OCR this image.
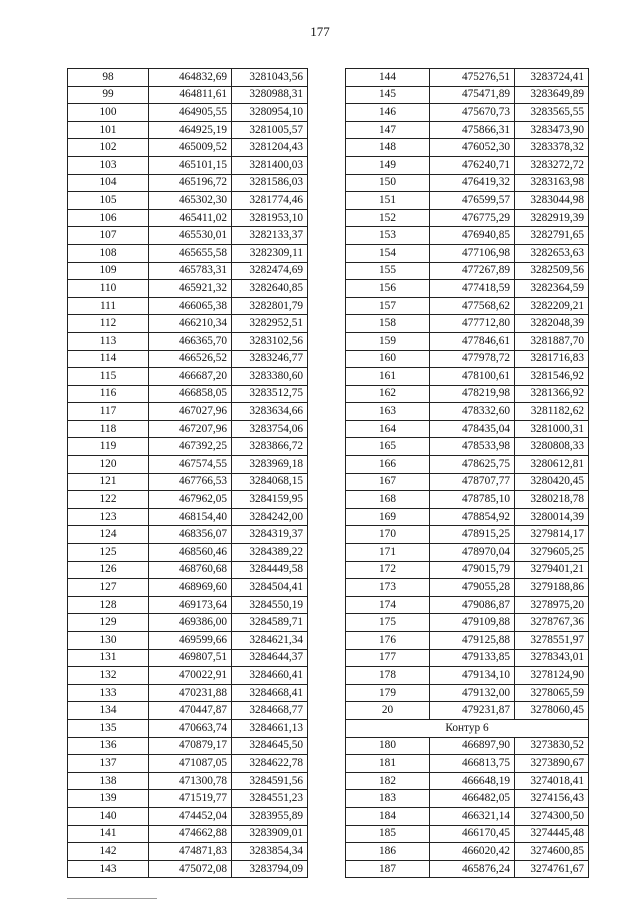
177
98	464832,69	3281043,56
99	464811,61	3280988,31
100	464905,55	3280954,10
101	464925,19	3281005,57
102	465009,52	3281204,43
103	465101,15	3281400,03
104	465196,72	3281586,03
105	465302,30	3281774,46
106	465411,02	3281953,10
107	465530,01	3282133,37
108	465655,58	3282309,11
109	465783,31	3282474,69
110	465921,32	3282640,85
111	466065,38	3282801,79
112	466210,34	3282952,51
113	466365,70	3283102,56
114	466526,52	3283246,77
115	466687,20	3283380,60
116	466858,05	3283512,75
117	467027,96	3283634,66
118	467207,96	3283754,06
119	467392,25	3283866,72
120	467574,55	3283969,18
121	467766,53	3284068,15
122	467962,05	3284159,95
123	468154,40	3284242,00
124	468356,07	3284319,37
125	468560,46	3284389,22
126	468760,68	3284449,58
127	468969,60	3284504,41
128	469173,64	3284550,19
129	469386,00	3284589,71
130	469599,66	3284621,34
131	469807,51	3284644,37
132	470022,91	3284660,41
133	470231,88	3284668,41
134	470447,87	3284668,77
135	470663,74	3284661,13
136	470879,17	3284645,50
137	471087,05	3284622,78
138	471300,78	3284591,56
139	471519,77	3284551,23
140	474452,04	3283955,89
141	474662,88	3283909,01
142	474871,83	3283854,34
143	475072,08	3283794,09
144	475276,51	3283724,41
145	475471,89	3283649,89
146	475670,73	3283565,55
147	475866,31	3283473,90
148	476052,30	3283378,32
149	476240,71	3283272,72
150	476419,32	3283163,98
151	476599,57	3283044,98
152	476775,29	3282919,39
153	476940,85	3282791,65
154	477106,98	3282653,63
155	477267,89	3282509,56
156	477418,59	3282364,59
157	477568,62	3282209,21
158	477712,80	3282048,39
159	477846,61	3281887,70
160	477978,72	3281716,83
161	478100,61	3281546,92
162	478219,98	3281366,92
163	478332,60	3281182,62
164	478435,04	3281000,31
165	478533,98	3280808,33
166	478625,75	3280612,81
167	478707,77	3280420,45
168	478785,10	3280218,78
169	478854,92	3280014,39
170	478915,25	3279814,17
171	478970,04	3279605,25
172	479015,79	3279401,21
173	479055,28	3279188,86
174	479086,87	3278975,20
175	479109,88	3278767,36
176	479125,88	3278551,97
177	479133,85	3278343,01
178	479134,10	3278124,90
179	479132,00	3278065,59
20	479231,87	3278060,45
Контур 6		
180	466897,90	3273830,52
181	466813,75	3273890,67
182	466648,19	3274018,41
183	466482,05	3274156,43
184	466321,14	3274300,50
185	466170,45	3274445,48
186	466020,42	3274600,85
187	465876,24	3274761,67
